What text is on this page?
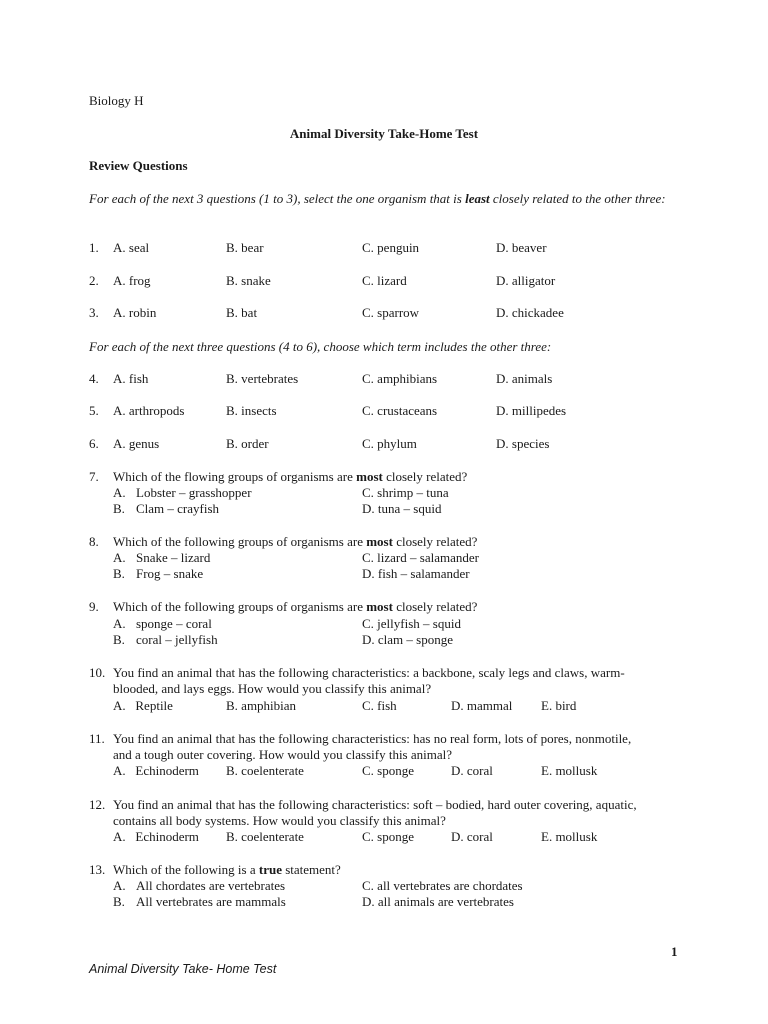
Biology H
Animal Diversity Take-Home Test
Review Questions
For each of the next 3 questions (1 to 3), select the one organism that is least closely related to the other three:
1. A. seal	B. bear	C. penguin	D. beaver
2. A. frog	B. snake	C. lizard	D. alligator
3. A. robin	B. bat	C. sparrow	D. chickadee
For each of the next three questions (4 to 6), choose which term includes the other three:
4. A. fish	B. vertebrates	C. amphibians	D. animals
5. A. arthropods	B. insects	C. crustaceans	D. millipedes
6. A. genus	B. order	C. phylum	D. species
7. Which of the flowing groups of organisms are most closely related?
A. Lobster – grasshopper	C. shrimp – tuna
B. Clam – crayfish	D. tuna – squid
8. Which of the following groups of organisms are most closely related?
A. Snake – lizard	C. lizard – salamander
B. Frog – snake	D. fish – salamander
9. Which of the following groups of organisms are most closely related?
A. sponge – coral	C. jellyfish – squid
B. coral – jellyfish	D. clam – sponge
10. You find an animal that has the following characteristics: a backbone, scaly legs and claws, warm-
blooded, and lays eggs. How would you classify this animal?
A.   Reptile	B. amphibian	C. fish	D. mammal E. bird
11. You find an animal that has the following characteristics: has no real form, lots of pores, nonmotile,
and a tough outer covering. How would you classify this animal?
A.   Echinoderm B. coelenterate	C. sponge	D. coral	E. mollusk
12. You find an animal that has the following characteristics: soft – bodied, hard outer covering, aquatic,
contains all body systems. How would you classify this animal?
A.   Echinoderm B. coelenterate	C. sponge	D. coral	E. mollusk
13. Which of the following is a true statement?
A. All chordates are vertebrates	C. all vertebrates are chordates
B. All vertebrates are mammals	D. all animals are vertebrates
1
Animal Diversity Take- Home Test
